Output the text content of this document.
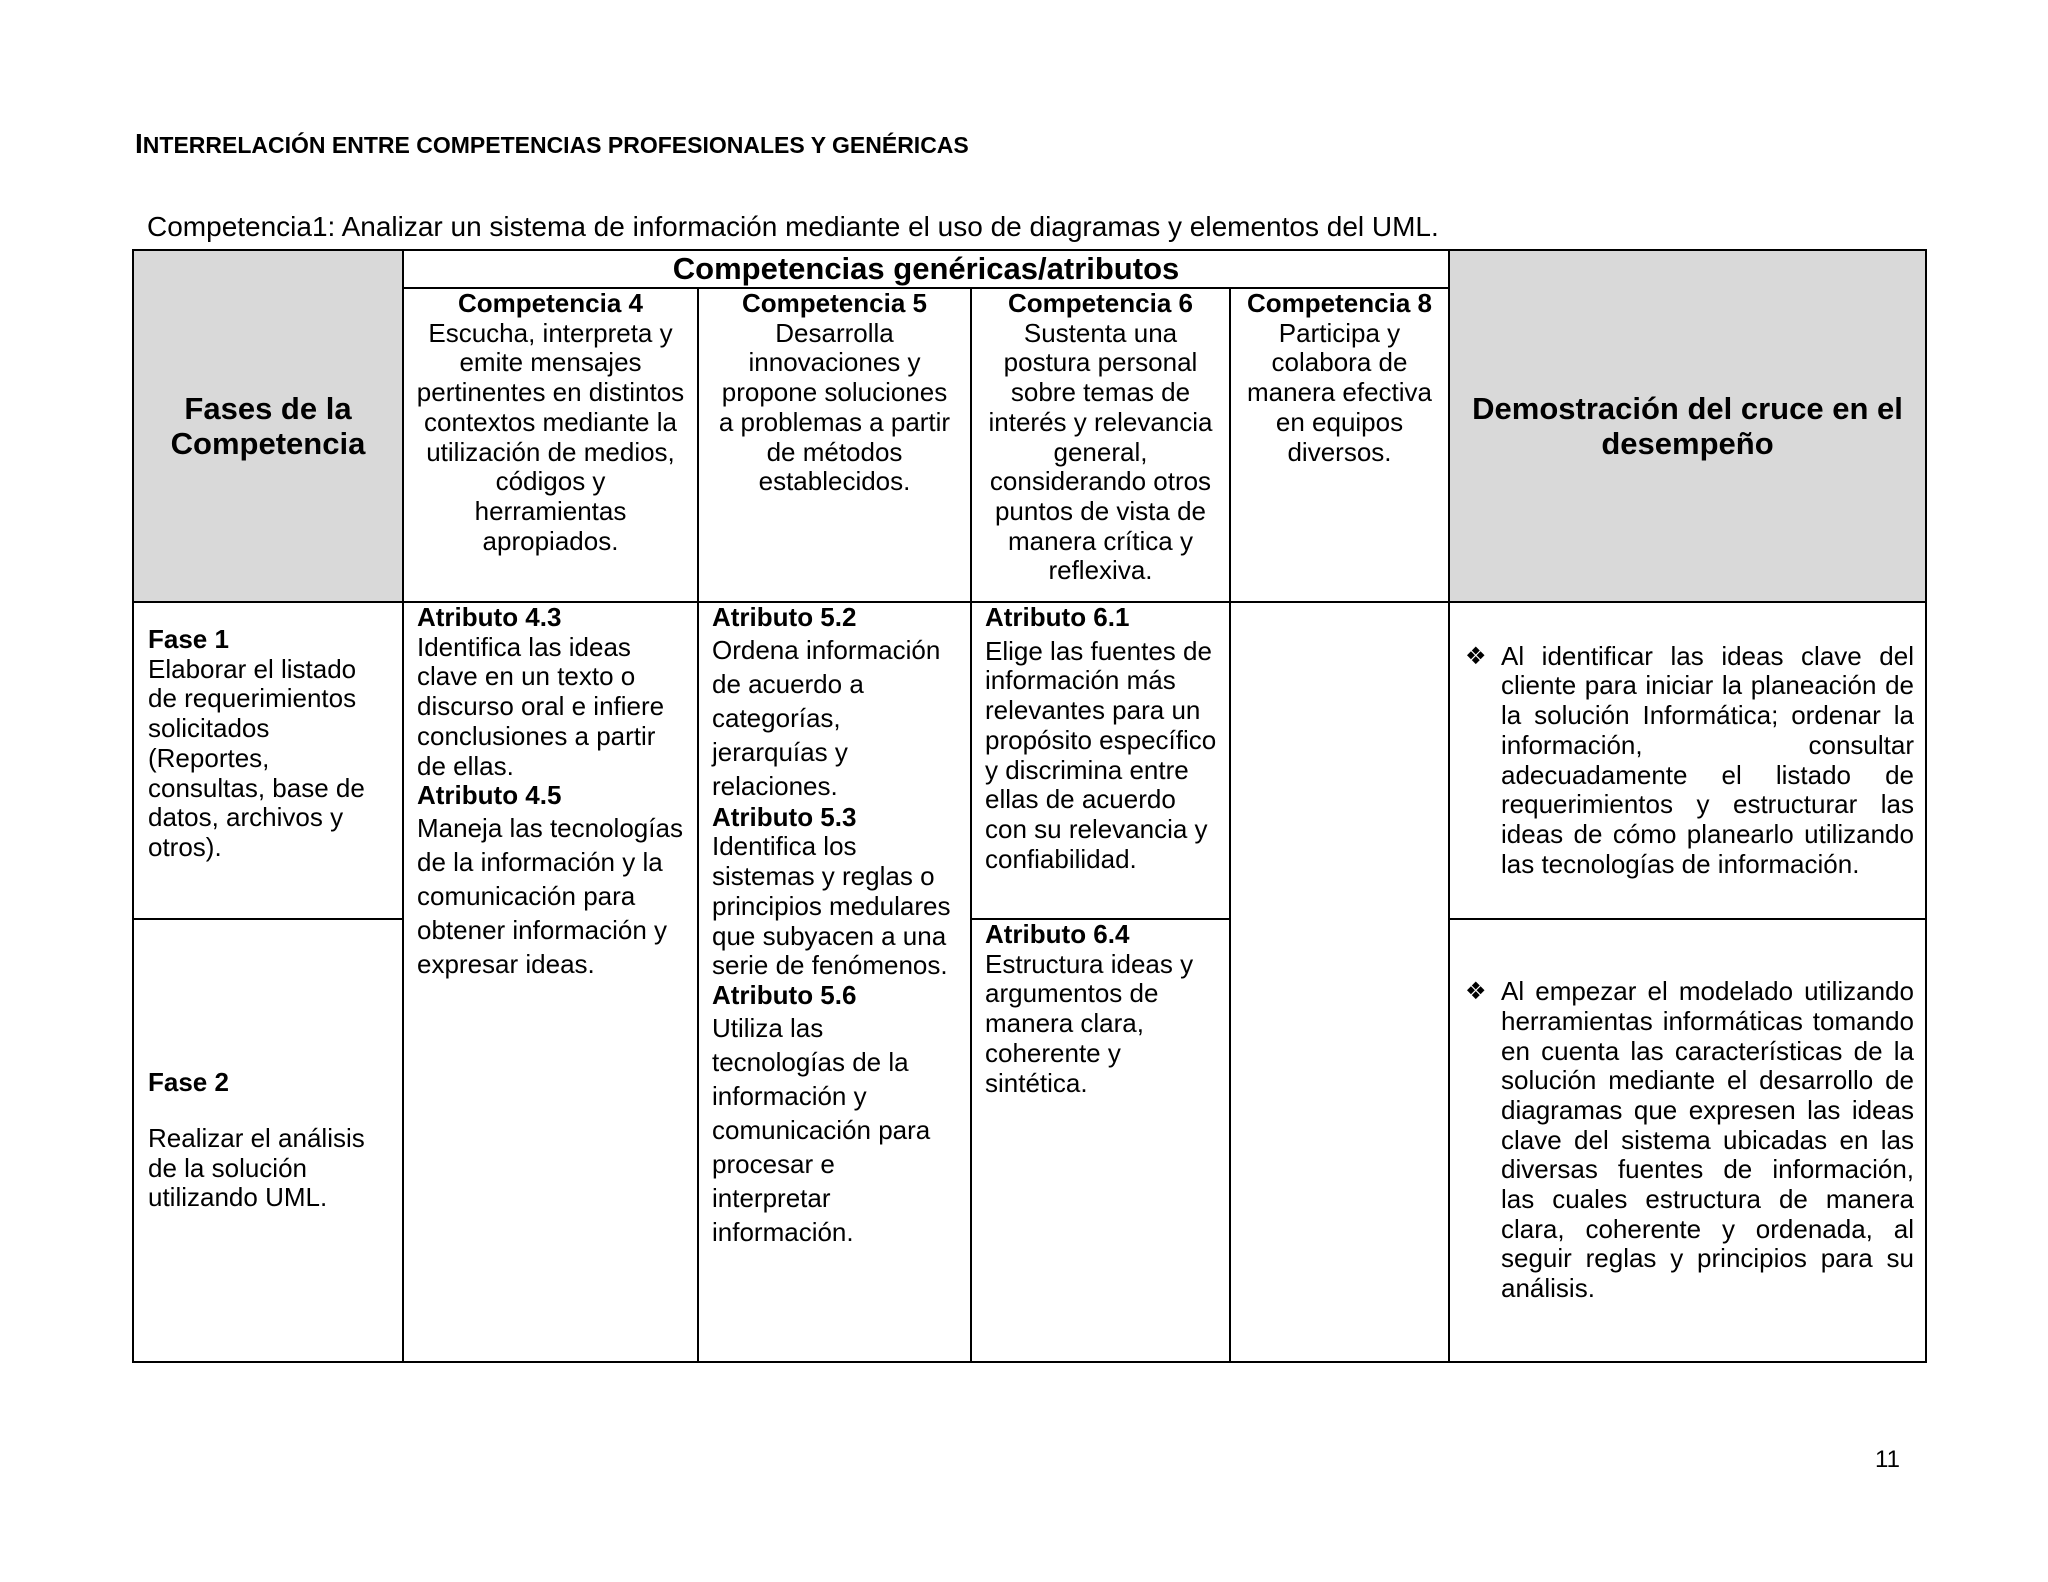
INTERRELACIÓN ENTRE COMPETENCIAS PROFESIONALES Y GENÉRICAS
Competencia1: Analizar un sistema de información mediante el uso de diagramas y elementos del UML.
Fases de la
Competencia
Competencias genéricas/atributos
Competencia 4
Escucha, interpreta y
emite mensajes
pertinentes en distintos
contextos mediante la
utilización de medios,
códigos y
herramientas
apropiados.
Competencia 5
Desarrolla
innovaciones y
propone soluciones
a problemas a partir
de métodos
establecidos.
Competencia 6
Sustenta una
postura personal
sobre temas de
interés y relevancia
general,
considerando otros
puntos de vista de
manera crítica y
reflexiva.
Competencia 8
Participa y
colabora de
manera efectiva
en equipos
diversos.
Demostración del cruce en el
desempeño
Fase 1
Elaborar el listado
de requerimientos
solicitados
(Reportes,
consultas, base de
datos, archivos y
otros).
Fase 2
Realizar el análisis
de la solución
utilizando UML.
Atributo 4.3
Identifica las ideas
clave en un texto o
discurso oral e infiere
conclusiones a partir
de ellas.
Atributo 4.5
Maneja las tecnologías
de la información y la
comunicación para
obtener información y
expresar ideas.
Atributo 5.2
Ordena información
de acuerdo a
categorías,
jerarquías y
relaciones.
Atributo 5.3
Identifica los
sistemas y reglas o
principios medulares
que subyacen a una
serie de fenómenos.
Atributo 5.6
Utiliza las
tecnologías de la
información y
comunicación para
procesar e
interpretar
información.
Atributo 6.1
Elige las fuentes de
información más
relevantes para un
propósito específico
y discrimina entre
ellas de acuerdo
con su relevancia y
confiabilidad.
Atributo 6.4
Estructura ideas y
argumentos de
manera clara,
coherente y
sintética.
❖
Al identificar las ideas clave del
cliente para iniciar la planeación de
la solución Informática; ordenar la
información, consultar
adecuadamente el listado de
requerimientos y estructurar las
ideas de cómo planearlo utilizando
las tecnologías de información.
❖
Al empezar el modelado utilizando
herramientas informáticas tomando
en cuenta las características de la
solución mediante el desarrollo de
diagramas que expresen las ideas
clave del sistema ubicadas en las
diversas fuentes de información,
las cuales estructura de manera
clara, coherente y ordenada, al
seguir reglas y principios para su
análisis.
11
